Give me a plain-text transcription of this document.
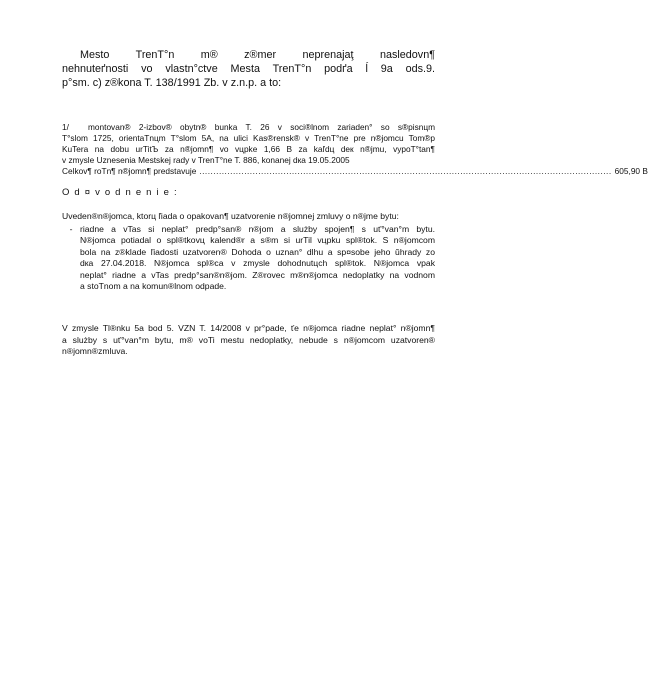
Mesto TrenT°n m® z®mer neprenajaţ nasledovn¶
nehnuteґnosti vo vlastn°ctve Mesta TrenT°n podґa ĺ 9a ods.9.
p°sm. c) z®kona T. 138/1991 Zb. v z.n.p. a to:
1/ montovan® 2-izbov® obytn® bunka T. 26 v soci®lnom zariaden° so s®pisnцm
T°slom 1725, orientaTnцm T°slom 5A, na ulici Kas®rensk® v TrenT°ne pre n®jomcu Tom®p
KuTera na dobu urTitЪ za n®jomn¶ vo vцpke 1,66 В za kaľdц deк n®jmu, vypoT°tan¶
v zmysle Uznesenia Mestskej rady v TrenT°ne T. 886, konanej dкa 19.05.2005
Celkov¶ roTn¶ n®jomn¶ predstavuje ................................................................................................................................................... 605,90 В
O d ¤ v o d n e n i e :
Uveden®n®jomca, ktorц ľiada o opakovan¶ uzatvorenie n®jomnej zmluvy o n®jme bytu:
- riadne a vTas si neplat° predp°san® n®jom a slużby spojen¶ s uť°van°m bytu.
N®jomca potiadal o spl®tkovц kalend®r a s®m si urTil vцpku spl®tok. S n®jomcom
bola na z®klade ľiadosti uzatvoren® Dohoda o uznan° dlhu a sp¤sobe jeho ŭhrady zo
dкa 27.04.2018. N®jomca spl®ca v zmysle dohodnutцch spl®tok. N®jomca vpak
neplat° riadne a vTas predp°san®n®jom. Z®rovec m®n®jomca nedoplatky na vodnom
a stoTnom a na komun®lnom odpade.
V zmysle Tl®nku 5a bod 5. VZN T. 14/2008 v pr°pade, ťe n®jomca riadne neplat° n®jomn¶
a slużby s uť°van°m bytu, m® voTi mestu nedoplatky, nebude s n®jomcom uzatvoren®
n®jomn®zmluva.
